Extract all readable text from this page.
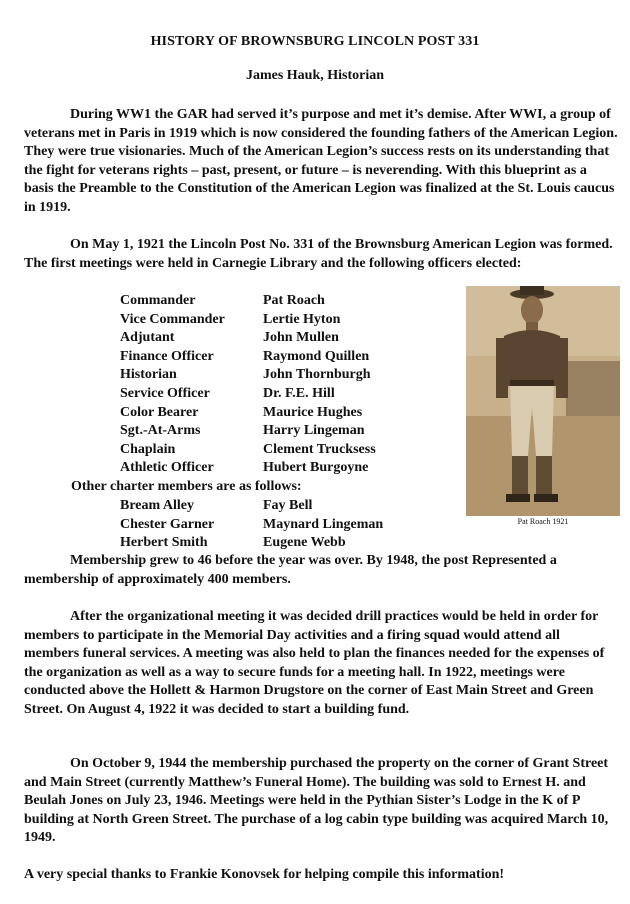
HISTORY OF BROWNSBURG LINCOLN POST 331
James Hauk, Historian

During WW1 the GAR had served it’s purpose and met it’s demise. After WWI, a group of veterans met in Paris in 1919 which is now considered the founding fathers of the American Legion. They were true visionaries. Much of the American Legion’s success rests on its understanding that the fight for veterans rights – past, present, or future – is neverending. With this blueprint as a basis the Preamble to the Constitution of the American Legion was finalized at the St. Louis caucus in 1919.

On May 1, 1921 the Lincoln Post No. 331 of the Brownsburg American Legion was formed. The first meetings were held in Carnegie Library and the following officers elected:

Commander
Vice Commander
Adjutant
Finance Officer
Historian
Service Officer
Color Bearer
Sgt.-At-Arms
Chaplain
Athletic Officer
Pat Roach
Lertie Hyton
John Mullen
Raymond Quillen
John Thornburgh
Dr. F.E. Hill
Maurice Hughes
Harry Lingeman
Clement Trucksess
Hubert Burgoyne
Other charter members are as follows:
Bream Alley
Chester Garner
Herbert Smith
Fay Bell
Maynard Lingeman
Eugene Webb

Membership grew to 46 before the year was over. By 1948, the post Represented a membership of approximately 400 members.

After the organizational meeting it was decided drill practices would be held in order for members to participate in the Memorial Day activities and a firing squad would attend all members funeral services. A meeting was also held to plan the finances needed for the expenses of the organization as well as a way to secure funds for a meeting hall. In 1922, meetings were conducted above the Hollett & Harmon Drugstore on the corner of East Main Street and Green Street. On August 4, 1922 it was decided to start a building fund.

On October 9, 1944 the membership purchased the property on the corner of Grant Street and Main Street (currently Matthew’s Funeral Home). The building was sold to Ernest H. and Beulah Jones on July 23, 1946. Meetings were held in the Pythian Sister’s Lodge in the K of P building at North Green Street. The purchase of a log cabin type building was acquired March 10, 1949.

A very special thanks to Frankie Konovsek for helping compile this information!

Pat Roach 1921
